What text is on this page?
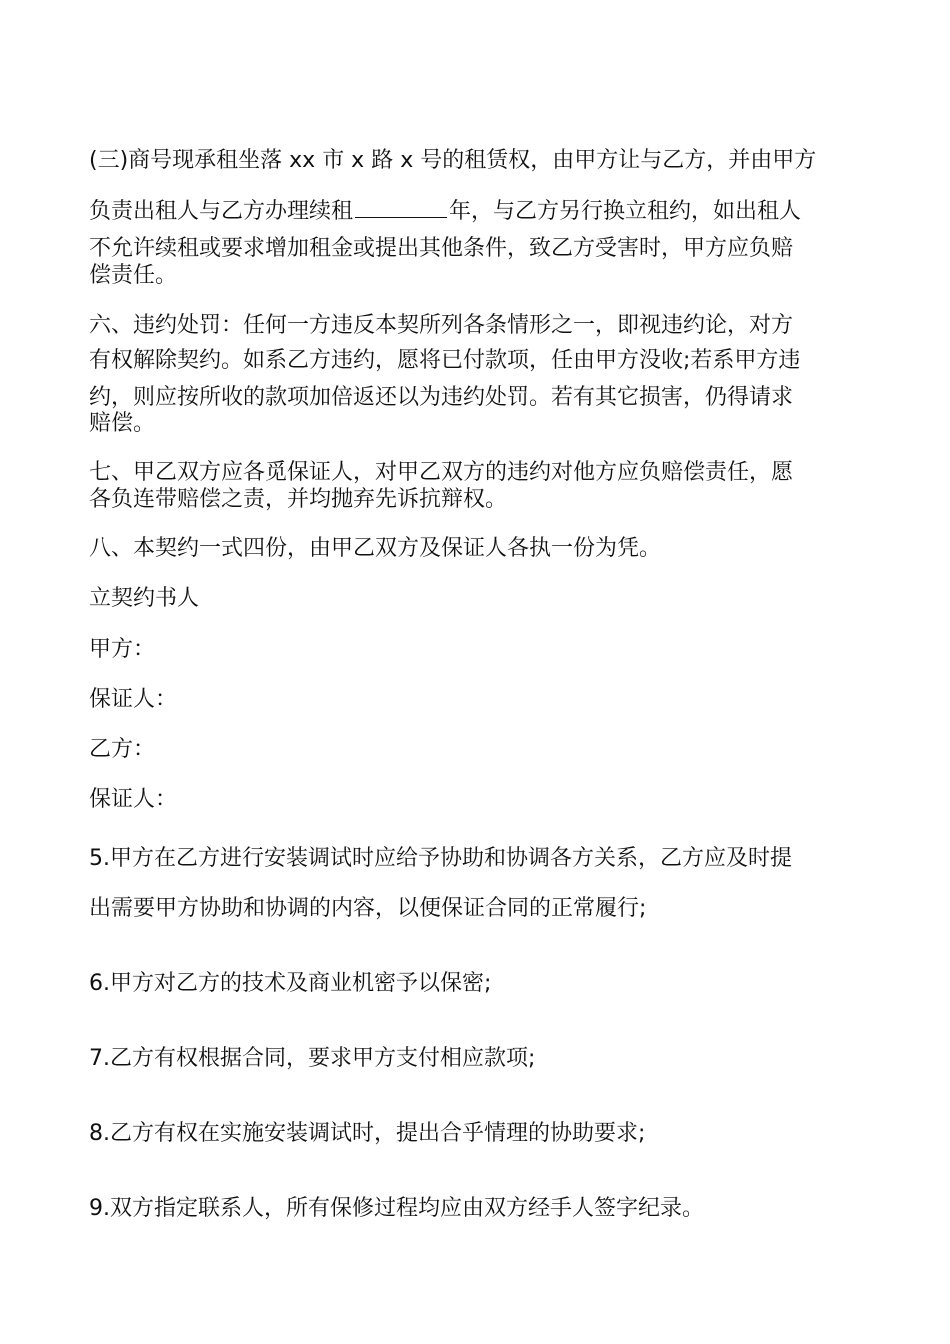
(三)商号现承租坐落 xx 市 x 路 x 号的租赁权，由甲方让与乙方，并由甲方
负责出租人与乙方办理续租	年，与乙方另行换立租约，如出租人
不允许续租或要求增加租金或提出其他条件，致乙方受害时，甲方应负赔
偿责任。
六、违约处罚：任何一方违反本契所列各条情形之一，即视违约论，对方
有权解除契约。如系乙方违约，愿将已付款项，任由甲方没收;若系甲方违
约，则应按所收的款项加倍返还以为违约处罚。若有其它损害，仍得请求
赔偿。
七、甲乙双方应各觅保证人，对甲乙双方的违约对他方应负赔偿责任，愿
各负连带赔偿之责，并均抛弃先诉抗辩权。
八、本契约一式四份，由甲乙双方及保证人各执一份为凭。
立契约书人
甲方：
保证人：
乙方：
保证人：
5.甲方在乙方进行安装调试时应给予协助和协调各方关系，乙方应及时提
出需要甲方协助和协调的内容，以便保证合同的正常履行;
6.甲方对乙方的技术及商业机密予以保密;
7.乙方有权根据合同，要求甲方支付相应款项;
8.乙方有权在实施安装调试时，提出合乎情理的协助要求;
9.双方指定联系人，所有保修过程均应由双方经手人签字纪录。
